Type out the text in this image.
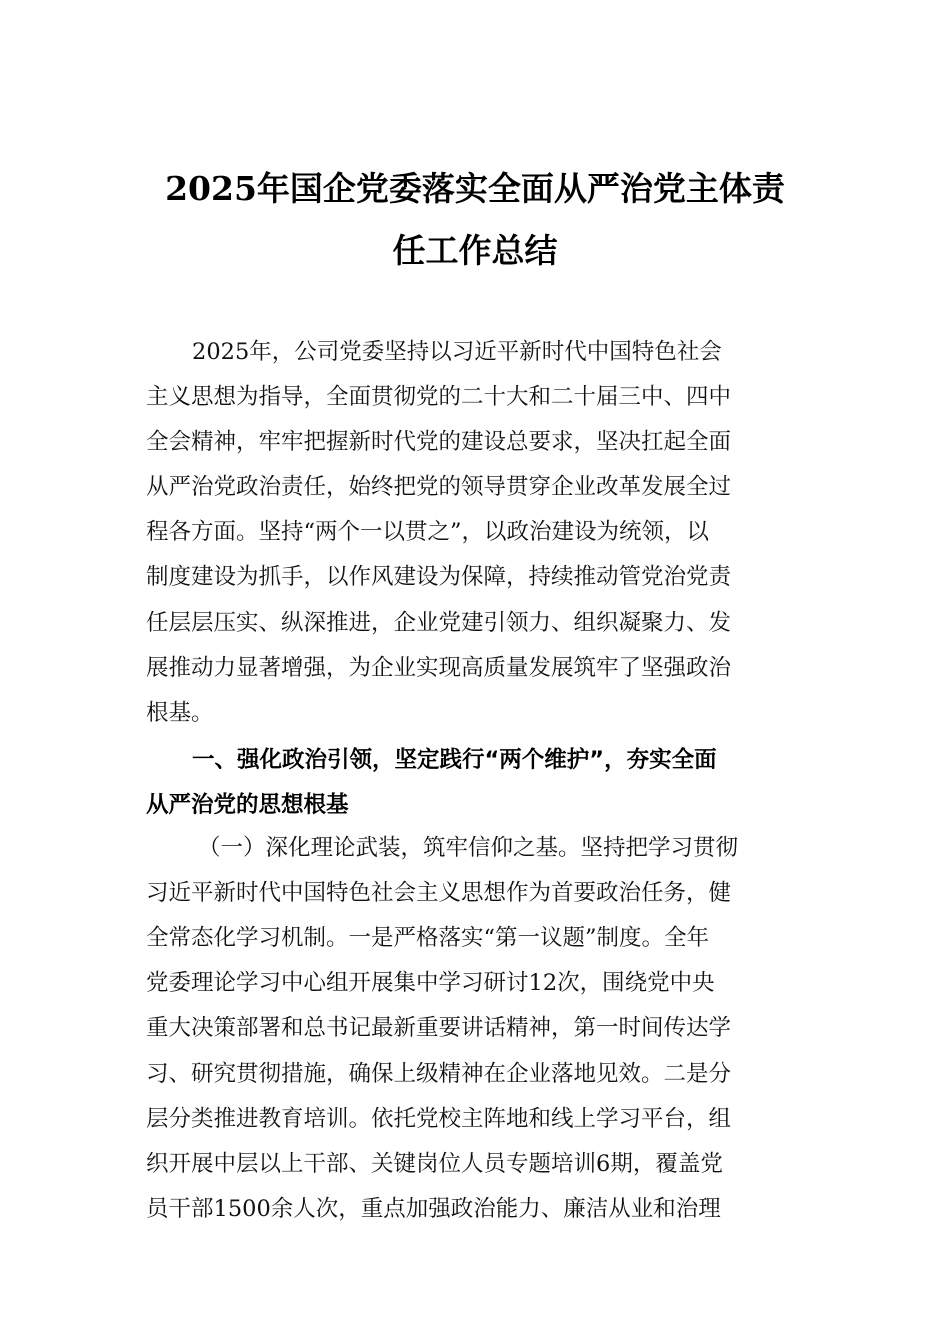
2025年国企党委落实全面从严治党主体责
任工作总结
2025年，公司党委坚持以习近平新时代中国特色社会
主义思想为指导，全面贯彻党的二十大和二十届三中、四中
全会精神，牢牢把握新时代党的建设总要求，坚决扛起全面
从严治党政治责任，始终把党的领导贯穿企业改革发展全过
程各方面。坚持“两个一以贯之”，以政治建设为统领，以
制度建设为抓手，以作风建设为保障，持续推动管党治党责
任层层压实、纵深推进，企业党建引领力、组织凝聚力、发
展推动力显著增强，为企业实现高质量发展筑牢了坚强政治
根基。
一、强化政治引领，坚定践行“两个维护”，夯实全面
从严治党的思想根基
（一）深化理论武装，筑牢信仰之基。坚持把学习贯彻
习近平新时代中国特色社会主义思想作为首要政治任务，健
全常态化学习机制。一是严格落实“第一议题”制度。全年
党委理论学习中心组开展集中学习研讨12次，围绕党中央
重大决策部署和总书记最新重要讲话精神，第一时间传达学
习、研究贯彻措施，确保上级精神在企业落地见效。二是分
层分类推进教育培训。依托党校主阵地和线上学习平台，组
织开展中层以上干部、关键岗位人员专题培训6期，覆盖党
员干部1500余人次，重点加强政治能力、廉洁从业和治理
